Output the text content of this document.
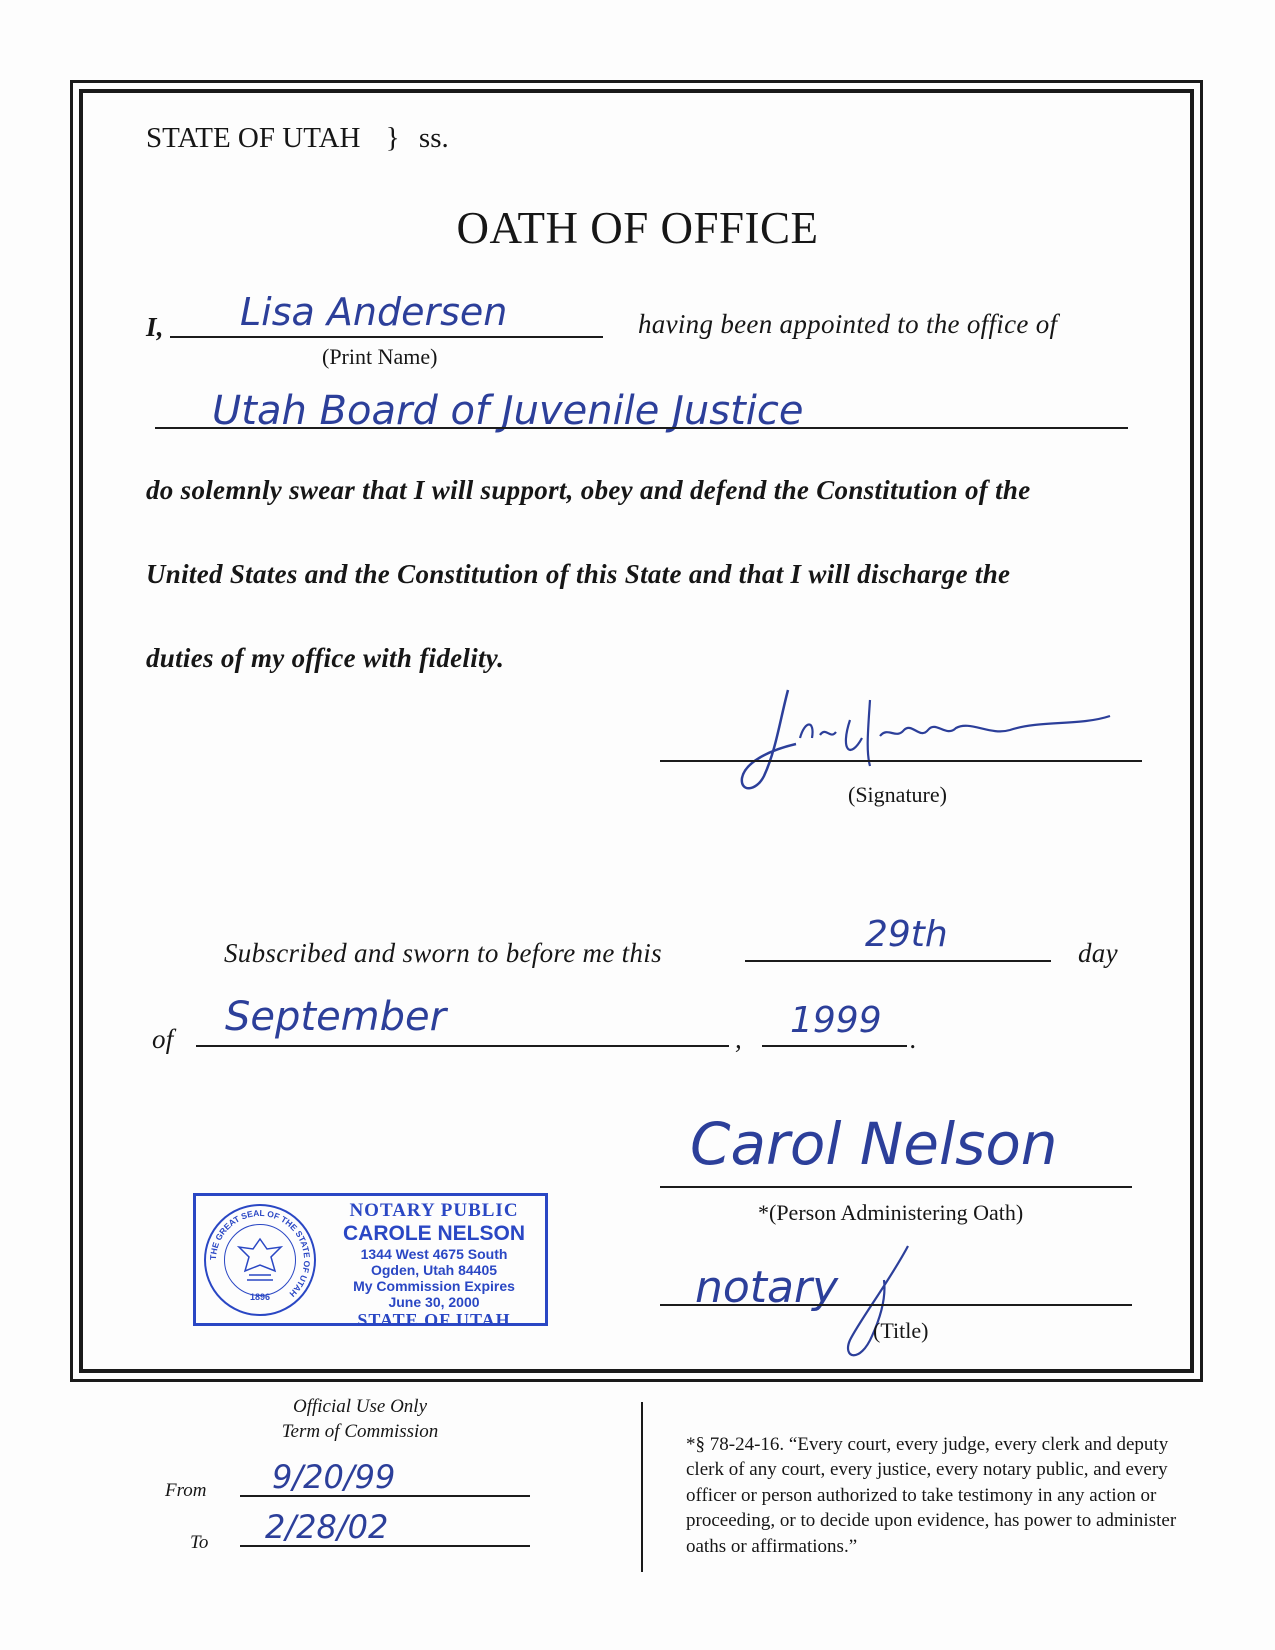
STATE OF UTAH } ss.
OATH OF OFFICE
I, Lisa Andersen
(Print Name)
having been appointed to the office of
Utah Board of Juvenile Justice
do solemnly swear that I will support, obey and defend the Constitution of the
United States and the Constitution of this State and that I will discharge the
duties of my office with fidelity.
(Signature)
Subscribed and sworn to before me this	29th	day
of September	, 1999 .
Carol Nelson
*(Person Administering Oath)
notary
(Title)
THE GREAT SEAL OF THE STATE OF UTAH
1896
NOTARY PUBLIC
CAROLE NELSON
1344 West 4675 South
Ogden, Utah 84405
My Commission Expires
June 30, 2000
STATE OF UTAH
Official Use Only
Term of Commission
From 9/20/99
To 2/28/02
*§ 78-24-16. “Every court, every judge, every clerk and deputy clerk of any court, every justice, every notary public, and every officer or person authorized to take testimony in any action or proceeding, or to decide upon evidence, has power to administer oaths or affirmations.”
